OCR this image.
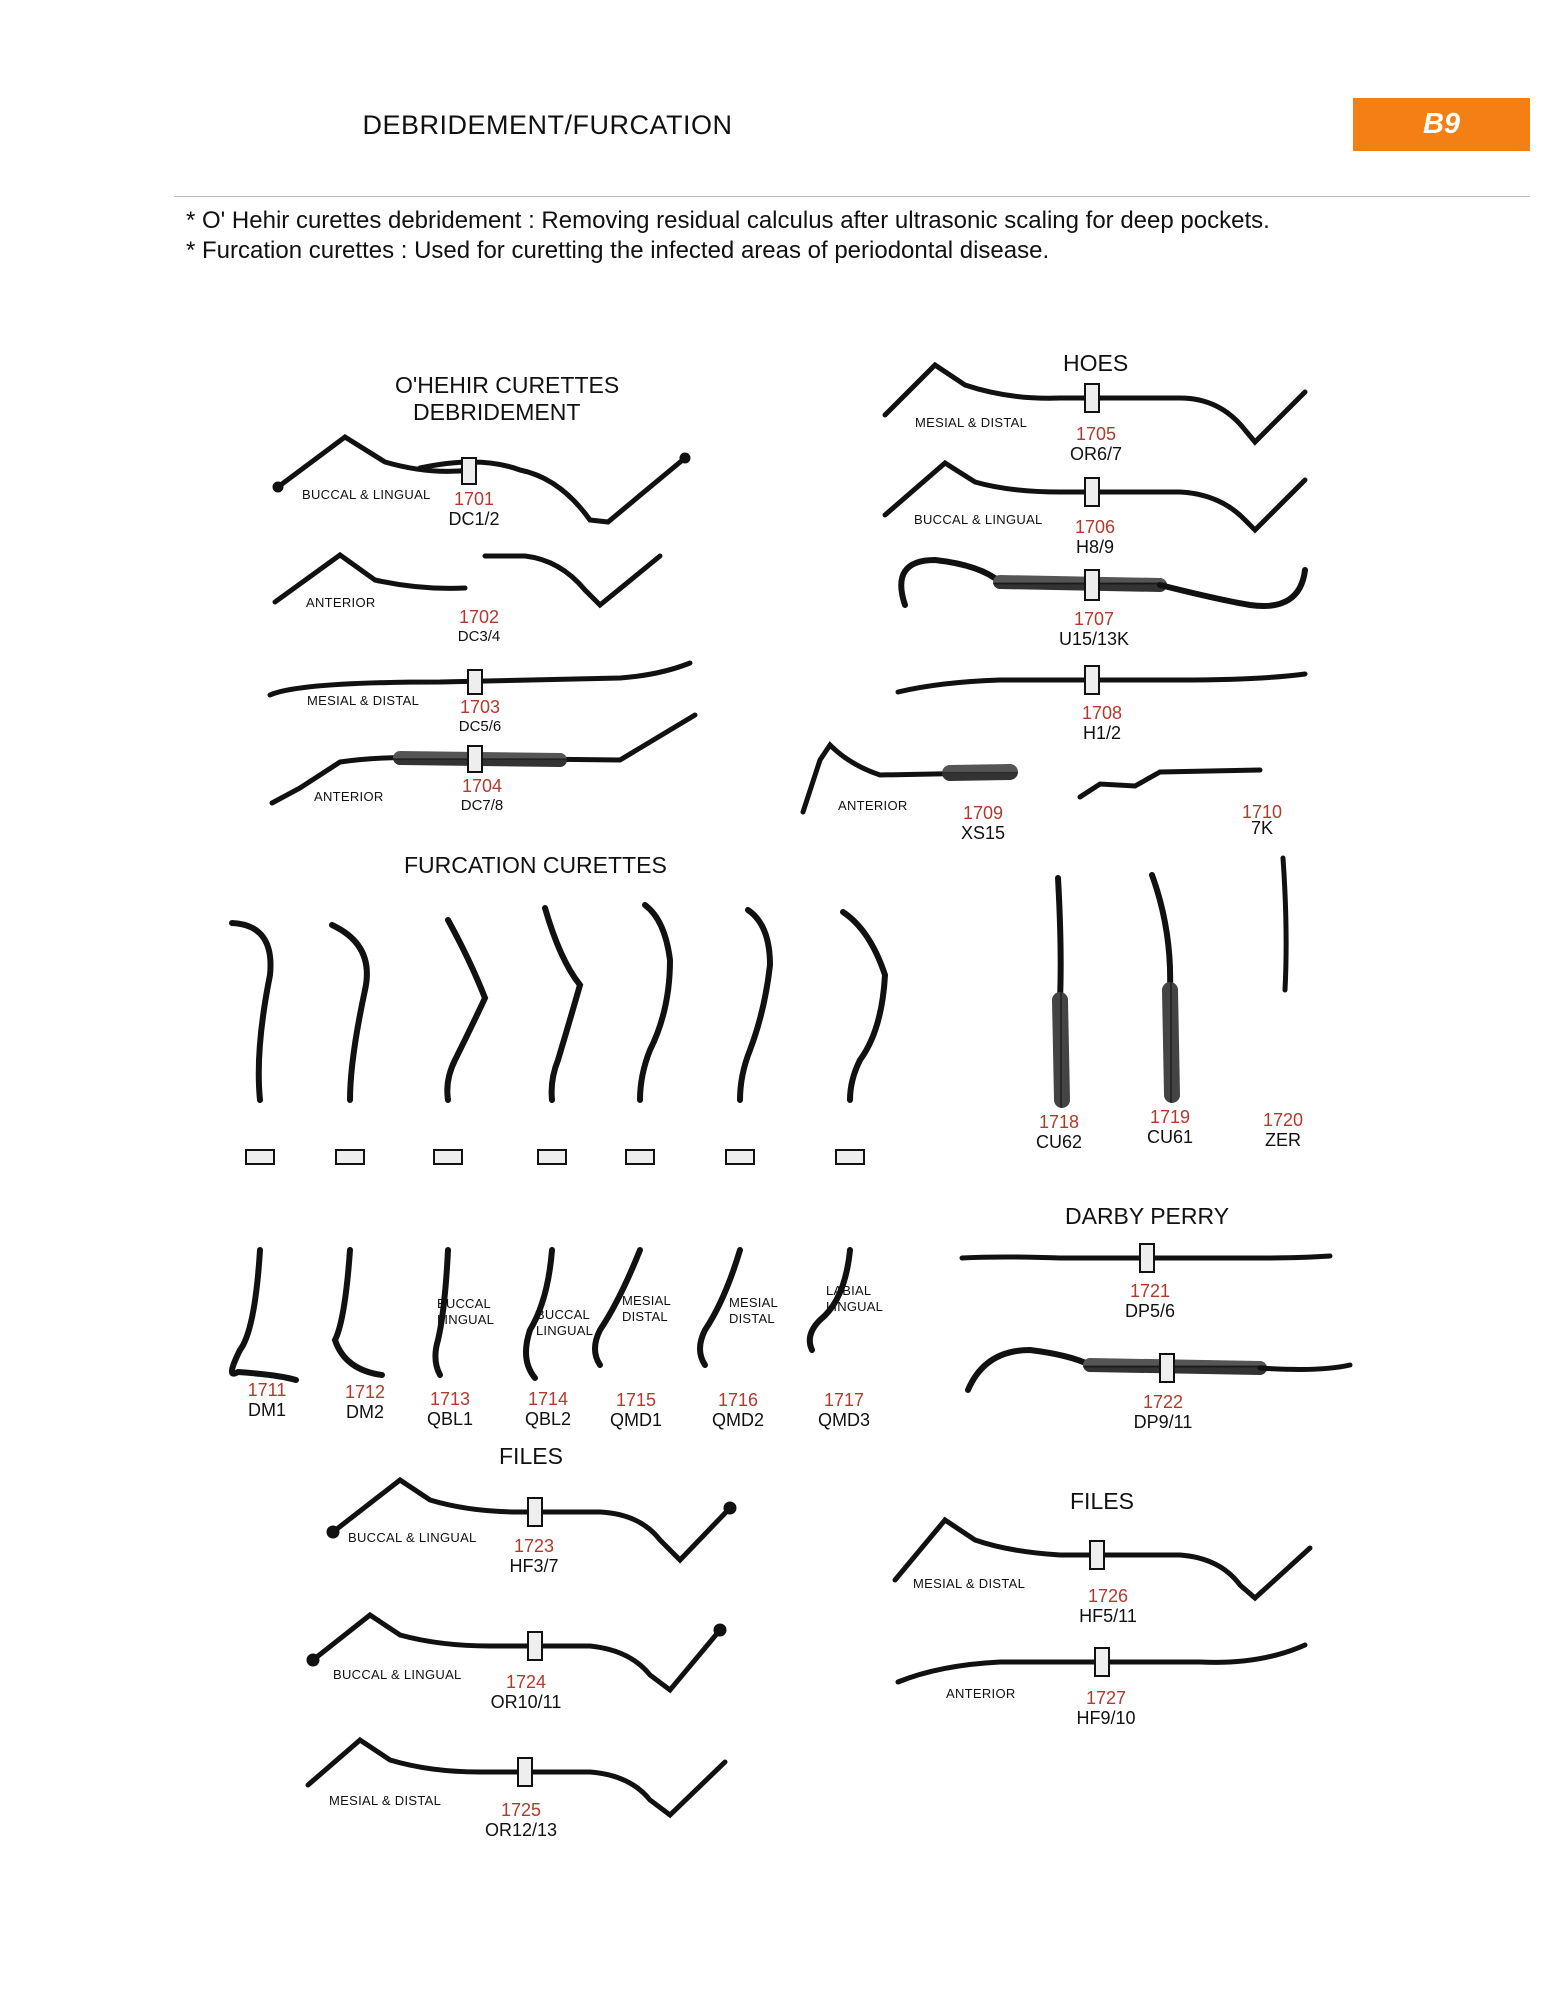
DEBRIDEMENT/FURCATION	B9
* O' Hehir curettes debridement : Removing residual calculus after ultrasonic scaling for deep pockets.
* Furcation curettes : Used for curetting the infected areas of periodontal disease.
O'HEHIR CURETTES
DEBRIDEMENT
HOES
FURCATION CURETTES
FILES
DARBY PERRY
FILES
BUCCAL & LINGUAL
ANTERIOR
MESIAL & DISTAL
ANTERIOR
MESIAL & DISTAL
BUCCAL & LINGUAL
ANTERIOR
BUCCAL
LINGUAL	BUCCAL
LINGUAL
MESIAL
DISTAL
MESIAL
DISTAL
LABIAL
LINGUAL
BUCCAL & LINGUAL
BUCCAL & LINGUAL
MESIAL & DISTAL
MESIAL & DISTAL
ANTERIOR
1701
DC1/2
1702
DC3/4
1703
DC5/6
1704
DC7/8
1705
OR6/7
1706
H8/9
1707
U15/13K
1708
H1/2
1709
XS15
1710
7K
1711
DM1
1712
DM2
1713
QBL1
1714
QBL2
1715
QMD1
1716
QMD2
1717
QMD3
1718
CU62
1719
CU61
1720
ZER
1721
DP5/6
1722
DP9/11
1723
HF3/7
1724
OR10/11
1725
OR12/13
1726
HF5/11
1727
HF9/10
